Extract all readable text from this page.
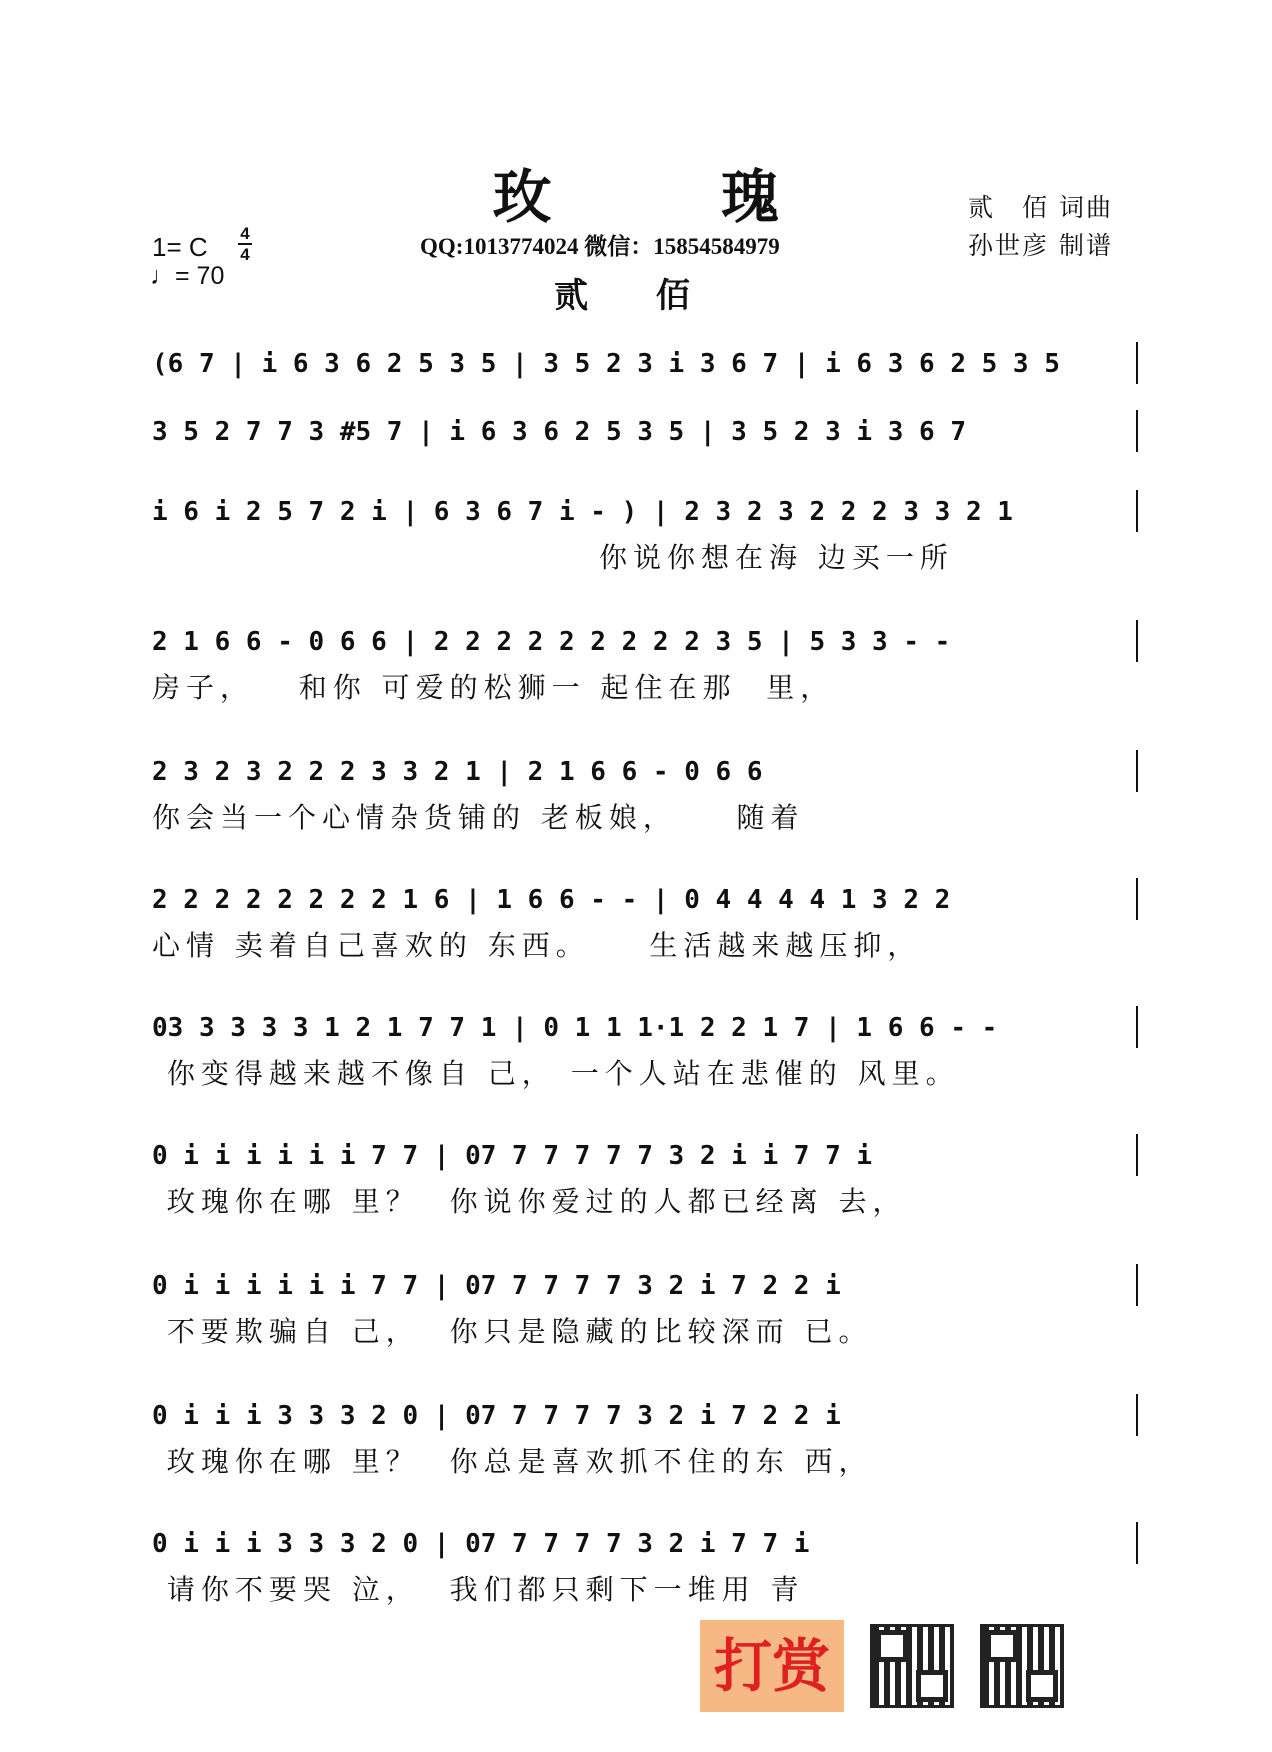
玫瑰 贰　佰 词曲
孙世彦 制谱
QQ:1013774024 微信：15854584979
1= C 4
4
♩= 70	贰 佰
(6 7 | i 6 3 6 2 5 3 5 | 3 5 2 3 i 3 6 7 | i 6 3 6 2 5 3 5
3 5 2 7 7 3 #5 7 | i 6 3 6 2 5 3 5 | 3 5 2 3 i 3 6 7
i 6 i 2 5 7 2 i | 6 3 6 7 i - ) | 2 3 2 3 2 2 2 3 3 2 1
你说你想在海 边买一所
2 1 6 6 - 0 6 6 | 2 2 2 2 2 2 2 2 2 3 5 | 5 3 3 - -
房子，   和你 可爱的松狮一 起住在那  里，
2 3 2 3 2 2 2 3 3 2 1 | 2 1 6 6 - 0 6 6
你会当一个心情杂货铺的 老板娘，    随着
2 2 2 2 2 2 2 2 1 6 | 1 6 6 - - | 0 4 4 4 4 1 3 2 2
心情 卖着自己喜欢的 东西。    生活越来越压抑，
03 3 3 3 3 1 2 1 7 7 1 | 0 1 1 1·1 2 2 1 7 | 1 6 6 - -
你变得越来越不像自 己， 一个人站在悲催的 风里。
0 i i i i i i 7 7 | 07 7 7 7 7 7 3 2 i i 7 7 i
玫瑰你在哪 里？  你说你爱过的人都已经离 去，
0 i i i i i i 7 7 | 07 7 7 7 7 3 2 i 7 2 2 i
不要欺骗自 己，  你只是隐藏的比较深而 已。
0 i i i 3 3 3 2 0 | 07 7 7 7 7 3 2 i 7 2 2 i
玫瑰你在哪 里？  你总是喜欢抓不住的东 西，
0 i i i 3 3 3 2 0 | 07 7 7 7 7 3 2 i 7 7 i
请你不要哭 泣，  我们都只剩下一堆用 青
打赏
